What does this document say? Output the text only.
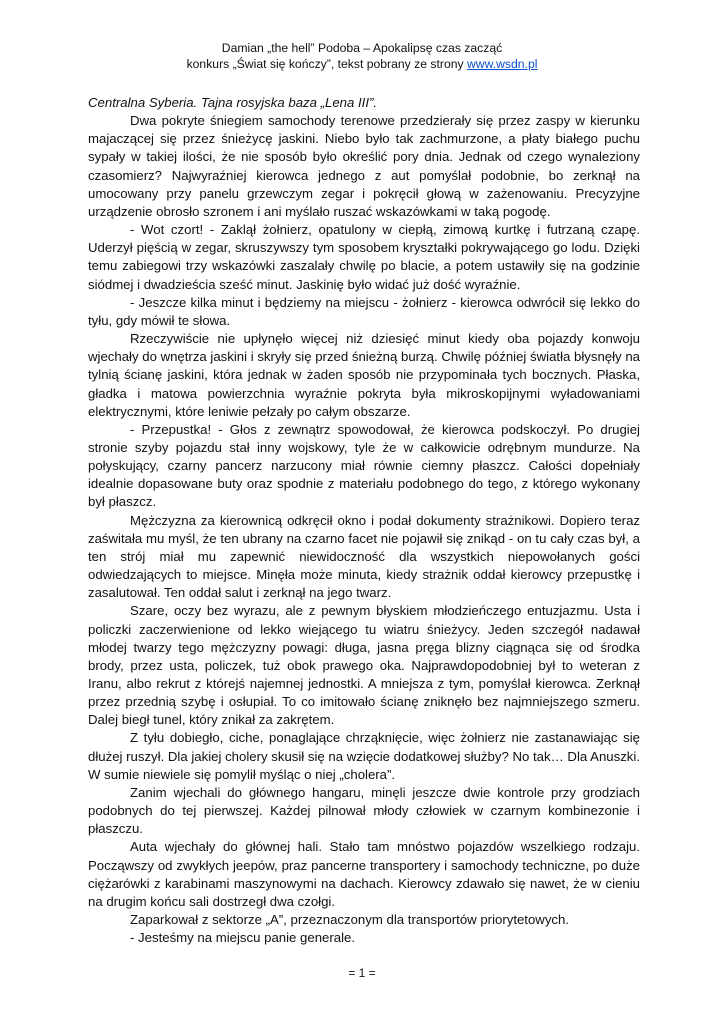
Damian „the hell” Podoba – Apokalipsę czas zacząć
konkurs „Świat się kończy”, tekst pobrany ze strony www.wsdn.pl

Centralna Syberia. Tajna rosyjska baza „Lena III”.

Dwa pokryte śniegiem samochody terenowe przedzierały się przez zaspy w kierunku majaczącej się przez śnieżycę jaskini. Niebo było tak zachmurzone, a płaty białego puchu sypały w takiej ilości, że nie sposób było określić pory dnia. Jednak od czego wynaleziony czasomierz? Najwyraźniej kierowca jednego z aut pomyślał podobnie, bo zerknął na umocowany przy panelu grzewczym zegar i pokręcił głową w zażenowaniu. Precyzyjne urządzenie obrosło szronem i ani myślało ruszać wskazówkami w taką pogodę.

- Wot czort! - Zaklął żołnierz, opatulony w ciepłą, zimową kurtkę i futrzaną czapę. Uderzył pięścią w zegar, skruszywszy tym sposobem kryształki pokrywającego go lodu. Dzięki temu zabiegowi trzy wskazówki zaszalały chwilę po blacie, a potem ustawiły się na godzinie siódmej i dwadzieścia sześć minut. Jaskinię było widać już dość wyraźnie.

- Jeszcze kilka minut i będziemy na miejscu - żołnierz - kierowca odwrócił się lekko do tyłu, gdy mówił te słowa.

Rzeczywiście nie upłynęło więcej niż dziesięć minut kiedy oba pojazdy konwoju wjechały do wnętrza jaskini i skryły się przed śnieżną burzą. Chwilę później światła błysnęły na tylnią ścianę jaskini, która jednak w żaden sposób nie przypominała tych bocznych. Płaska, gładka i matowa powierzchnia wyraźnie pokryta była mikroskopijnymi wyładowaniami elektrycznymi, które leniwie pełzały po całym obszarze.

- Przepustka! - Głos z zewnątrz spowodował, że kierowca podskoczył. Po drugiej stronie szyby pojazdu stał inny wojskowy, tyle że w całkowicie odrębnym mundurze. Na połyskujący, czarny pancerz narzucony miał równie ciemny płaszcz. Całości dopełniały idealnie dopasowane buty oraz spodnie z materiału podobnego do tego, z którego wykonany był płaszcz.

Mężczyzna za kierownicą odkręcił okno i podał dokumenty strażnikowi. Dopiero teraz zaświtała mu myśl, że ten ubrany na czarno facet nie pojawił się znikąd - on tu cały czas był, a ten strój miał mu zapewnić niewidoczność dla wszystkich niepowołanych gości odwiedzających to miejsce. Minęła może minuta, kiedy strażnik oddał kierowcy przepustkę i zasalutował. Ten oddał salut i zerknął na jego twarz.

Szare, oczy bez wyrazu, ale z pewnym błyskiem młodzieńczego entuzjazmu. Usta i policzki zaczerwienione od lekko wiejącego tu wiatru śnieżycy. Jeden szczegół nadawał młodej twarzy tego mężczyzny powagi: długa, jasna pręga blizny ciągnąca się od środka brody, przez usta, policzek, tuż obok prawego oka. Najprawdopodobniej był to weteran z Iranu, albo rekrut z którejś najemnej jednostki. A mniejsza z tym, pomyślał kierowca. Zerknął przez przednią szybę i osłupiał. To co imitowało ścianę zniknęło bez najmniejszego szmeru. Dalej biegł tunel, który znikał za zakrętem.

Z tyłu dobiegło, ciche, ponaglające chrząknięcie, więc żołnierz nie zastanawiając się dłużej ruszył. Dla jakiej cholery skusił się na wzięcie dodatkowej służby? No tak… Dla Anuszki. W sumie niewiele się pomylił myśląc o niej „cholera”.

Zanim wjechali do głównego hangaru, minęli jeszcze dwie kontrole przy grodziach podobnych do tej pierwszej. Każdej pilnował młody człowiek w czarnym kombinezonie i płaszczu.

Auta wjechały do głównej hali. Stało tam mnóstwo pojazdów wszelkiego rodzaju. Począwszy od zwykłych jeepów, praz pancerne transportery i samochody techniczne, po duże ciężarówki z karabinami maszynowymi na dachach. Kierowcy zdawało się nawet, że w cieniu na drugim końcu sali dostrzegł dwa czołgi.

Zaparkował z sektorze „A”, przeznaczonym dla transportów priorytetowych.

- Jesteśmy na miejscu panie generale.

= 1 =
